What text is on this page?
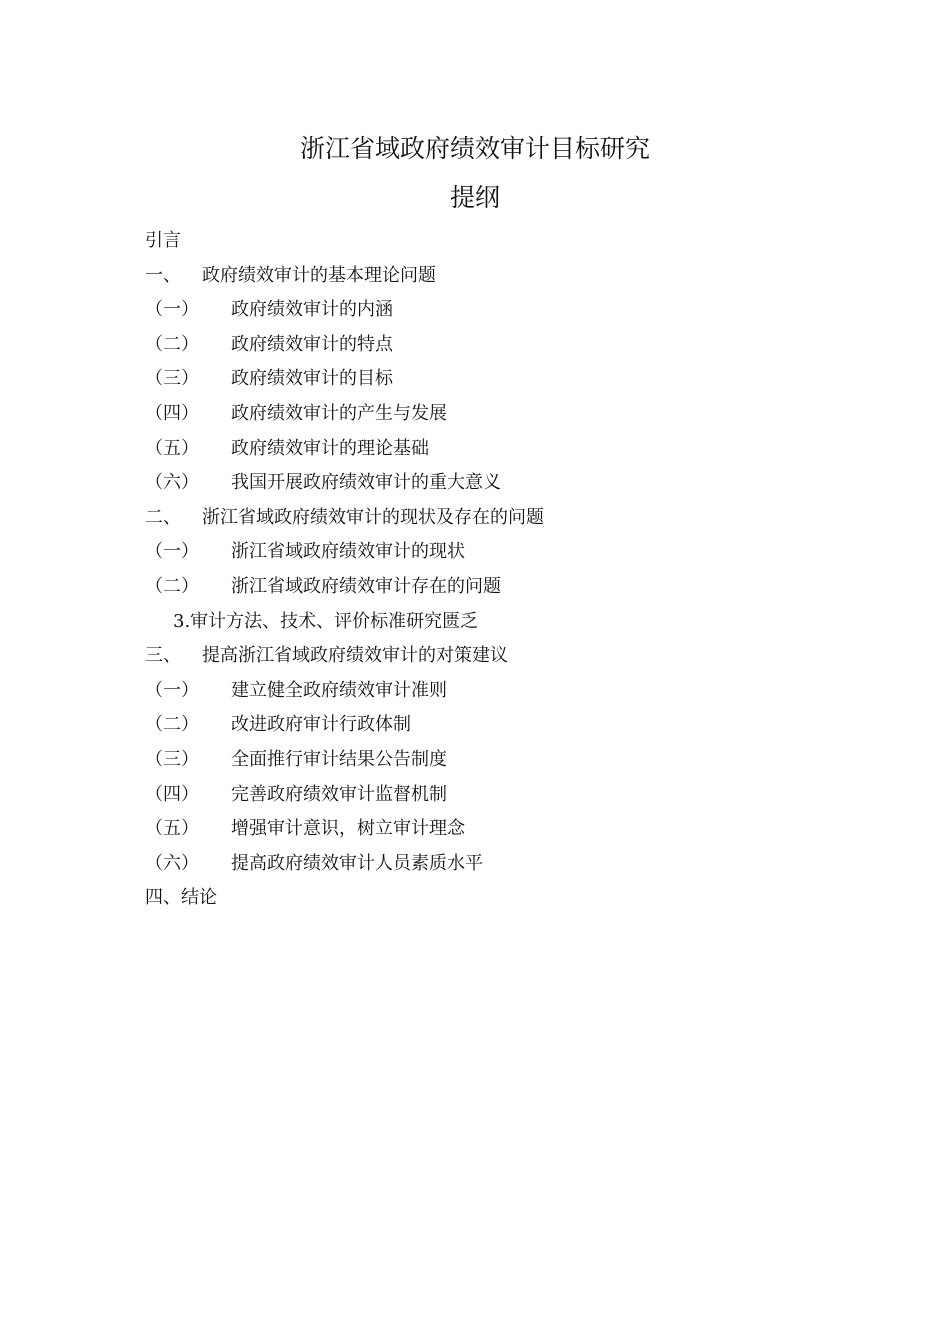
浙江省域政府绩效审计目标研究
提纲
引言
一、 政府绩效审计的基本理论问题
（一） 政府绩效审计的内涵
（二） 政府绩效审计的特点
（三） 政府绩效审计的目标
（四） 政府绩效审计的产生与发展
（五） 政府绩效审计的理论基础
（六） 我国开展政府绩效审计的重大意义
二、 浙江省域政府绩效审计的现状及存在的问题
（一） 浙江省域政府绩效审计的现状
（二） 浙江省域政府绩效审计存在的问题
3.审计方法、技术、评价标准研究匮乏
三、 提高浙江省域政府绩效审计的对策建议
（一） 建立健全政府绩效审计准则
（二） 改进政府审计行政体制
（三） 全面推行审计结果公告制度
（四） 完善政府绩效审计监督机制
（五） 增强审计意识，树立审计理念
（六） 提高政府绩效审计人员素质水平
四、结论
